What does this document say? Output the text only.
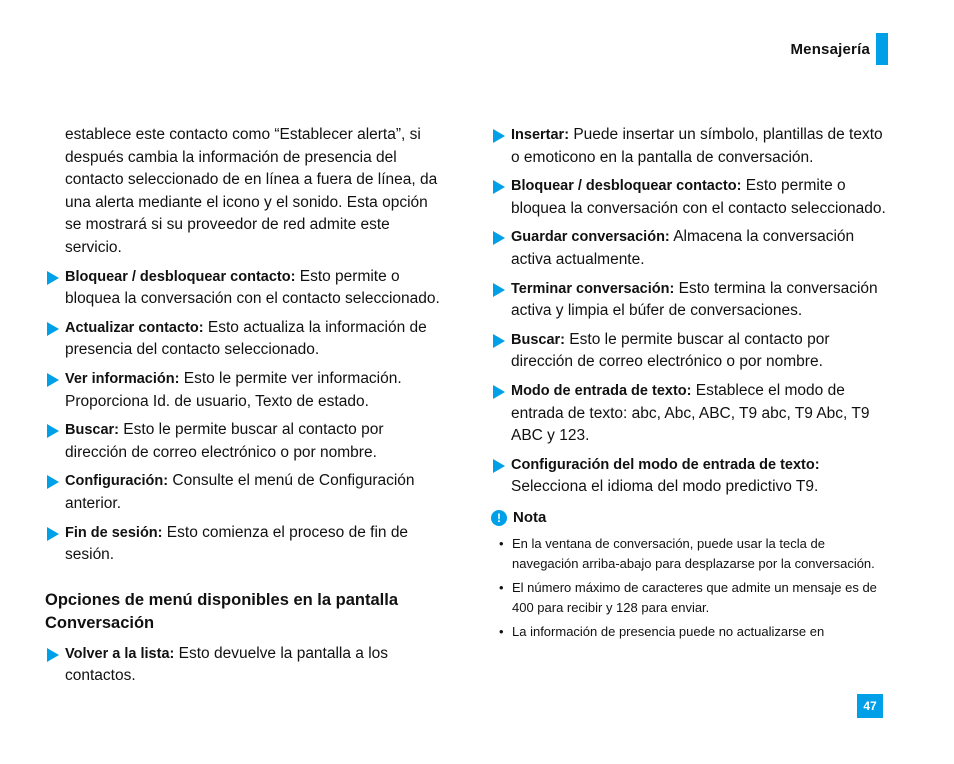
Mensajería

establece este contacto como “Establecer alerta”, si después cambia la información de presencia del contacto seleccionado de en línea a fuera de línea, da una alerta mediante el icono y el sonido. Esta opción se mostrará si su proveedor de red admite este servicio.

Bloquear / desbloquear contacto: Esto permite o bloquea la conversación con el contacto seleccionado.
Actualizar contacto: Esto actualiza la información de presencia del contacto seleccionado.
Ver información: Esto le permite ver información. Proporciona Id. de usuario, Texto de estado.
Buscar: Esto le permite buscar al contacto por dirección de correo electrónico o por nombre.
Configuración: Consulte el menú de Configuración anterior.
Fin de sesión: Esto comienza el proceso de fin de sesión.
Opciones de menú disponibles en la pantalla Conversación
Volver a la lista: Esto devuelve la pantalla a los contactos.
Insertar: Puede insertar un símbolo, plantillas de texto o emoticono en la pantalla de conversación.
Bloquear / desbloquear contacto: Esto permite o bloquea la conversación con el contacto seleccionado.
Guardar conversación: Almacena la conversación activa actualmente.
Terminar conversación: Esto termina la conversación activa y limpia el búfer de conversaciones.
Buscar: Esto le permite buscar al contacto por dirección de correo electrónico o por nombre.
Modo de entrada de texto: Establece el modo de entrada de texto: abc, Abc, ABC, T9 abc, T9 Abc, T9 ABC y 123.
Configuración del modo de entrada de texto: Selecciona el idioma del modo predictivo T9.
! Nota
• En la ventana de conversación, puede usar la tecla de navegación arriba-abajo para desplazarse por la conversación.
• El número máximo de caracteres que admite un mensaje es de 400 para recibir y 128 para enviar.
• La información de presencia puede no actualizarse en
47
